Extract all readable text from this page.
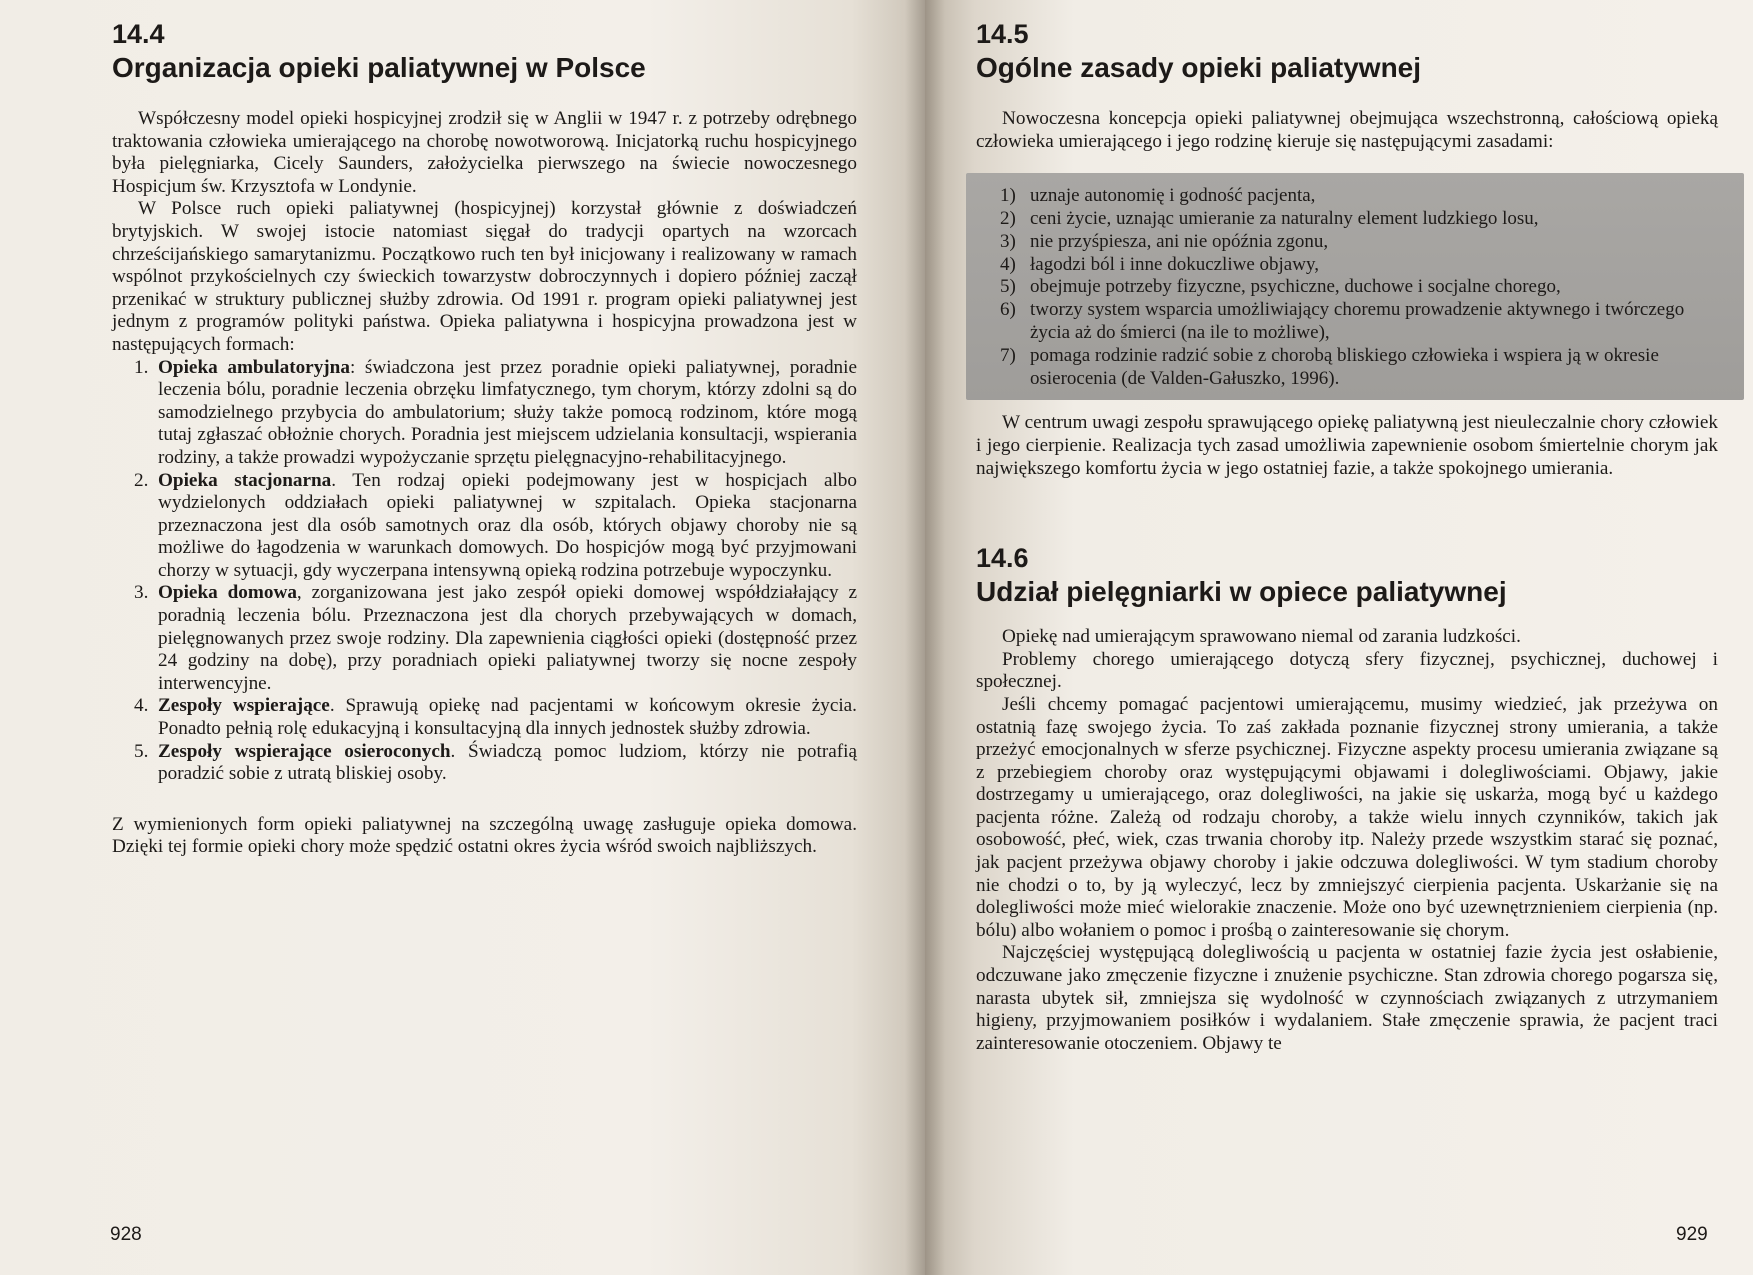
14.4
Organizacja opieki paliatywnej w Polsce

Współczesny model opieki hospicyjnej zrodził się w Anglii w 1947 r. z potrzeby odrębnego traktowania człowieka umierającego na chorobę nowotworową. Inicjatorką ruchu hospicyjnego była pielęgniarka, Cicely Saunders, założycielka pierwszego na świecie nowoczesnego Hospicjum św. Krzysztofa w Londynie.

W Polsce ruch opieki paliatywnej (hospicyjnej) korzystał głównie z doświadczeń brytyjskich. W swojej istocie natomiast sięgał do tradycji opartych na wzorcach chrześcijańskiego samarytanizmu. Początkowo ruch ten był inicjowany i realizowany w ramach wspólnot przykościelnych czy świeckich towarzystw dobroczynnych i dopiero później zaczął przenikać w struktury publicznej służby zdrowia. Od 1991 r. program opieki paliatywnej jest jednym z programów polityki państwa. Opieka paliatywna i hospicyjna prowadzona jest w następujących formach:

1. Opieka ambulatoryjna: świadczona jest przez poradnie opieki paliatywnej, poradnie leczenia bólu, poradnie leczenia obrzęku limfatycznego, tym chorym, którzy zdolni są do samodzielnego przybycia do ambulatorium; służy także pomocą rodzinom, które mogą tutaj zgłaszać obłożnie chorych. Poradnia jest miejscem udzielania konsultacji, wspierania rodziny, a także prowadzi wypożyczanie sprzętu pielęgnacyjno-rehabilitacyjnego.
2. Opieka stacjonarna. Ten rodzaj opieki podejmowany jest w hospicjach albo wydzielonych oddziałach opieki paliatywnej w szpitalach. Opieka stacjonarna przeznaczona jest dla osób samotnych oraz dla osób, których objawy choroby nie są możliwe do łagodzenia w warunkach domowych. Do hospicjów mogą być przyjmowani chorzy w sytuacji, gdy wyczerpana intensywną opieką rodzina potrzebuje wypoczynku.
3. Opieka domowa, zorganizowana jest jako zespół opieki domowej współdziałający z poradnią leczenia bólu. Przeznaczona jest dla chorych przebywających w domach, pielęgnowanych przez swoje rodziny. Dla zapewnienia ciągłości opieki (dostępność przez 24 godziny na dobę), przy poradniach opieki paliatywnej tworzy się nocne zespoły interwencyjne.
4. Zespoły wspierające. Sprawują opiekę nad pacjentami w końcowym okresie życia. Ponadto pełnią rolę edukacyjną i konsultacyjną dla innych jednostek służby zdrowia.
5. Zespoły wspierające osieroconych. Świadczą pomoc ludziom, którzy nie potrafią poradzić sobie z utratą bliskiej osoby.

Z wymienionych form opieki paliatywnej na szczególną uwagę zasługuje opieka domowa. Dzięki tej formie opieki chory może spędzić ostatni okres życia wśród swoich najbliższych.

928
14.5
Ogólne zasady opieki paliatywnej

Nowoczesna koncepcja opieki paliatywnej obejmująca wszechstronną, całościową opieką człowieka umierającego i jego rodzinę kieruje się następującymi zasadami:

1) uznaje autonomię i godność pacjenta,
2) ceni życie, uznając umieranie za naturalny element ludzkiego losu,
3) nie przyśpiesza, ani nie opóźnia zgonu,
4) łagodzi ból i inne dokuczliwe objawy,
5) obejmuje potrzeby fizyczne, psychiczne, duchowe i socjalne chorego,
6) tworzy system wsparcia umożliwiający choremu prowadzenie aktywnego i twórczego życia aż do śmierci (na ile to możliwe),
7) pomaga rodzinie radzić sobie z chorobą bliskiego człowieka i wspiera ją w okresie osierocenia (de Valden-Gałuszko, 1996).

W centrum uwagi zespołu sprawującego opiekę paliatywną jest nieuleczalnie chory człowiek i jego cierpienie. Realizacja tych zasad umożliwia zapewnienie osobom śmiertelnie chorym jak największego komfortu życia w jego ostatniej fazie, a także spokojnego umierania.

14.6
Udział pielęgniarki w opiece paliatywnej

Opiekę nad umierającym sprawowano niemal od zarania ludzkości.

Problemy chorego umierającego dotyczą sfery fizycznej, psychicznej, duchowej i społecznej.

Jeśli chcemy pomagać pacjentowi umierającemu, musimy wiedzieć, jak przeżywa on ostatnią fazę swojego życia. To zaś zakłada poznanie fizycznej strony umierania, a także przeżyć emocjonalnych w sferze psychicznej. Fizyczne aspekty procesu umierania związane są z przebiegiem choroby oraz występującymi objawami i dolegliwościami. Objawy, jakie dostrzegamy u umierającego, oraz dolegliwości, na jakie się uskarża, mogą być u każdego pacjenta różne. Zależą od rodzaju choroby, a także wielu innych czynników, takich jak osobowość, płeć, wiek, czas trwania choroby itp. Należy przede wszystkim starać się poznać, jak pacjent przeżywa objawy choroby i jakie odczuwa dolegliwości. W tym stadium choroby nie chodzi o to, by ją wyleczyć, lecz by zmniejszyć cierpienia pacjenta. Uskarżanie się na dolegliwości może mieć wielorakie znaczenie. Może ono być uzewnętrznieniem cierpienia (np. bólu) albo wołaniem o pomoc i prośbą o zainteresowanie się chorym.

Najczęściej występującą dolegliwością u pacjenta w ostatniej fazie życia jest osłabienie, odczuwane jako zmęczenie fizyczne i znużenie psychiczne. Stan zdrowia chorego pogarsza się, narasta ubytek sił, zmniejsza się wydolność w czynnościach związanych z utrzymaniem higieny, przyjmowaniem posiłków i wydalaniem. Stałe zmęczenie sprawia, że pacjent traci zainteresowanie otoczeniem. Objawy te

929
